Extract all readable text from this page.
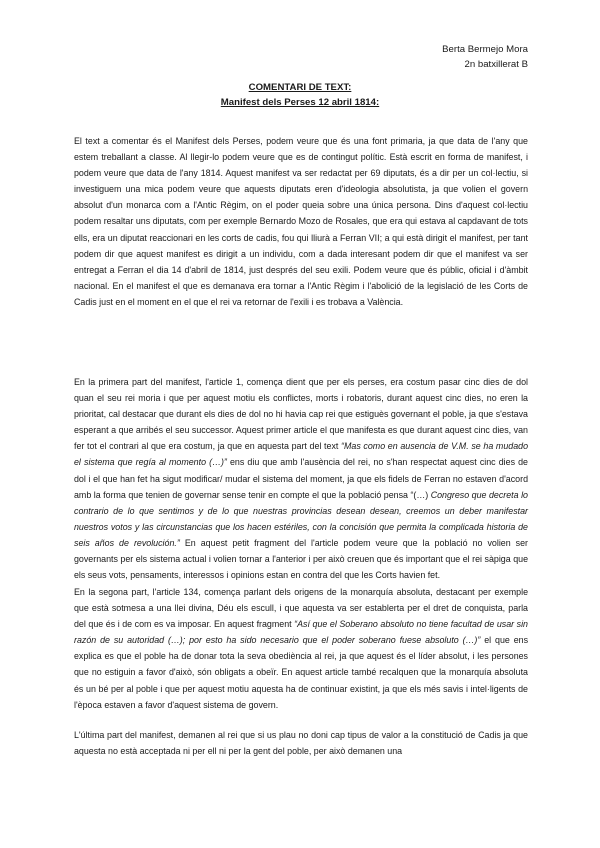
Berta Bermejo Mora
2n batxillerat B
COMENTARI DE TEXT:
Manifest dels Perses 12 abril 1814:

El text a comentar és el Manifest dels Perses, podem veure que és una font primaria, ja que data de l'any que estem treballant a classe. Al llegir-lo podem veure que es de contingut polític. Està escrit en forma de manifest, i podem veure que data de l'any 1814. Aquest manifest va ser redactat per 69 diputats, és a dir per un col·lectiu, si investiguem una mica podem veure que aquests diputats eren d'ideologia absolutista, ja que volien el govern absolut d'un monarca com a l'Antic Règim, on el poder queia sobre una única persona. Dins d'aquest col·lectiu podem resaltar uns diputats, com per exemple Bernardo Mozo de Rosales, que era qui estava al capdavant de tots ells, era un diputat reaccionari en les corts de cadis, fou qui lliurà a Ferran VII; a qui està dirigit el manifest, per tant podem dir que aquest manifest es dirigit a un individu, com a dada interesant podem dir que el manifest va ser entregat a Ferran el dia 14 d'abril de 1814, just després del seu exili. Podem veure que és públic, oficial i d'àmbit nacional. En el manifest el que es demanava era tornar a l'Antic Règim i l'abolició de la legislació de les Corts de Cadis just en el moment en el que el rei va retornar de l'exili i es trobava a València.

En la primera part del manifest, l'article 1, comença dient que per els perses, era costum pasar cinc dies de dol quan el seu rei moria i que per aquest motiu els conflictes, morts i robatoris, durant aquest cinc dies, no eren la prioritat, cal destacar que durant els dies de dol no hi havia cap rei que estiguès governant el poble, ja que s'estava esperant a que arribés el seu successor. Aquest primer article el que manifesta es que durant aquest cinc dies, van fer tot el contrari al que era costum, ja que en aquesta part del text “Mas como en ausencia de V.M. se ha mudado el sistema que regía al momento (…)” ens diu que amb l'ausència del rei, no s'han respectat aquest cinc dies de dol i el que han fet ha sigut modificar/ mudar el sistema del moment, ja que els fidels de Ferran no estaven d'acord amb la forma que tenien de governar sense tenir en compte el que la població pensa “(…) Congreso que decreta lo contrario de lo que sentimos y de lo que nuestras provincias desean desean, creemos un deber manifestar nuestros votos y las circunstancias que los hacen estériles, con la concisión que permita la complicada historia de seis años de revolución.” En aquest petit fragment del l'article podem veure que la població no volien ser governants per els sistema actual i volien tornar a l'anterior i per això creuen que és important que el rei sàpiga que els seus vots, pensaments, interessos i opinions estan en contra del que les Corts havien fet.

En la segona part, l'article 134, comença parlant dels origens de la monarquía absoluta, destacant per exemple que està sotmesa a una llei divina, Déu els escull, i que aquesta va ser establerta per el dret de conquista, parla del que és i de com es va imposar. En aquest fragment “Así que el Soberano absoluto no tiene facultad de usar sin razón de su autoridad (…); por esto ha sido necesario que el poder soberano fuese absoluto (…)” el que ens explica es que el poble ha de donar tota la seva obediència al rei, ja que aquest és el líder absolut, i les persones que no estiguin a favor d'això, són obligats a obeïr. En aquest article també recalquen que la monarquía absoluta és un bé per al poble i que per aquest motiu aquesta ha de continuar existint, ja que els més savis i intel·ligents de l'època estaven a favor d'aquest sistema de govern.

L'última part del manifest, demanen al rei que si us plau no doni cap tipus de valor a la constitució de Cadis ja que aquesta no està acceptada ni per ell ni per la gent del poble, per això demanen una
